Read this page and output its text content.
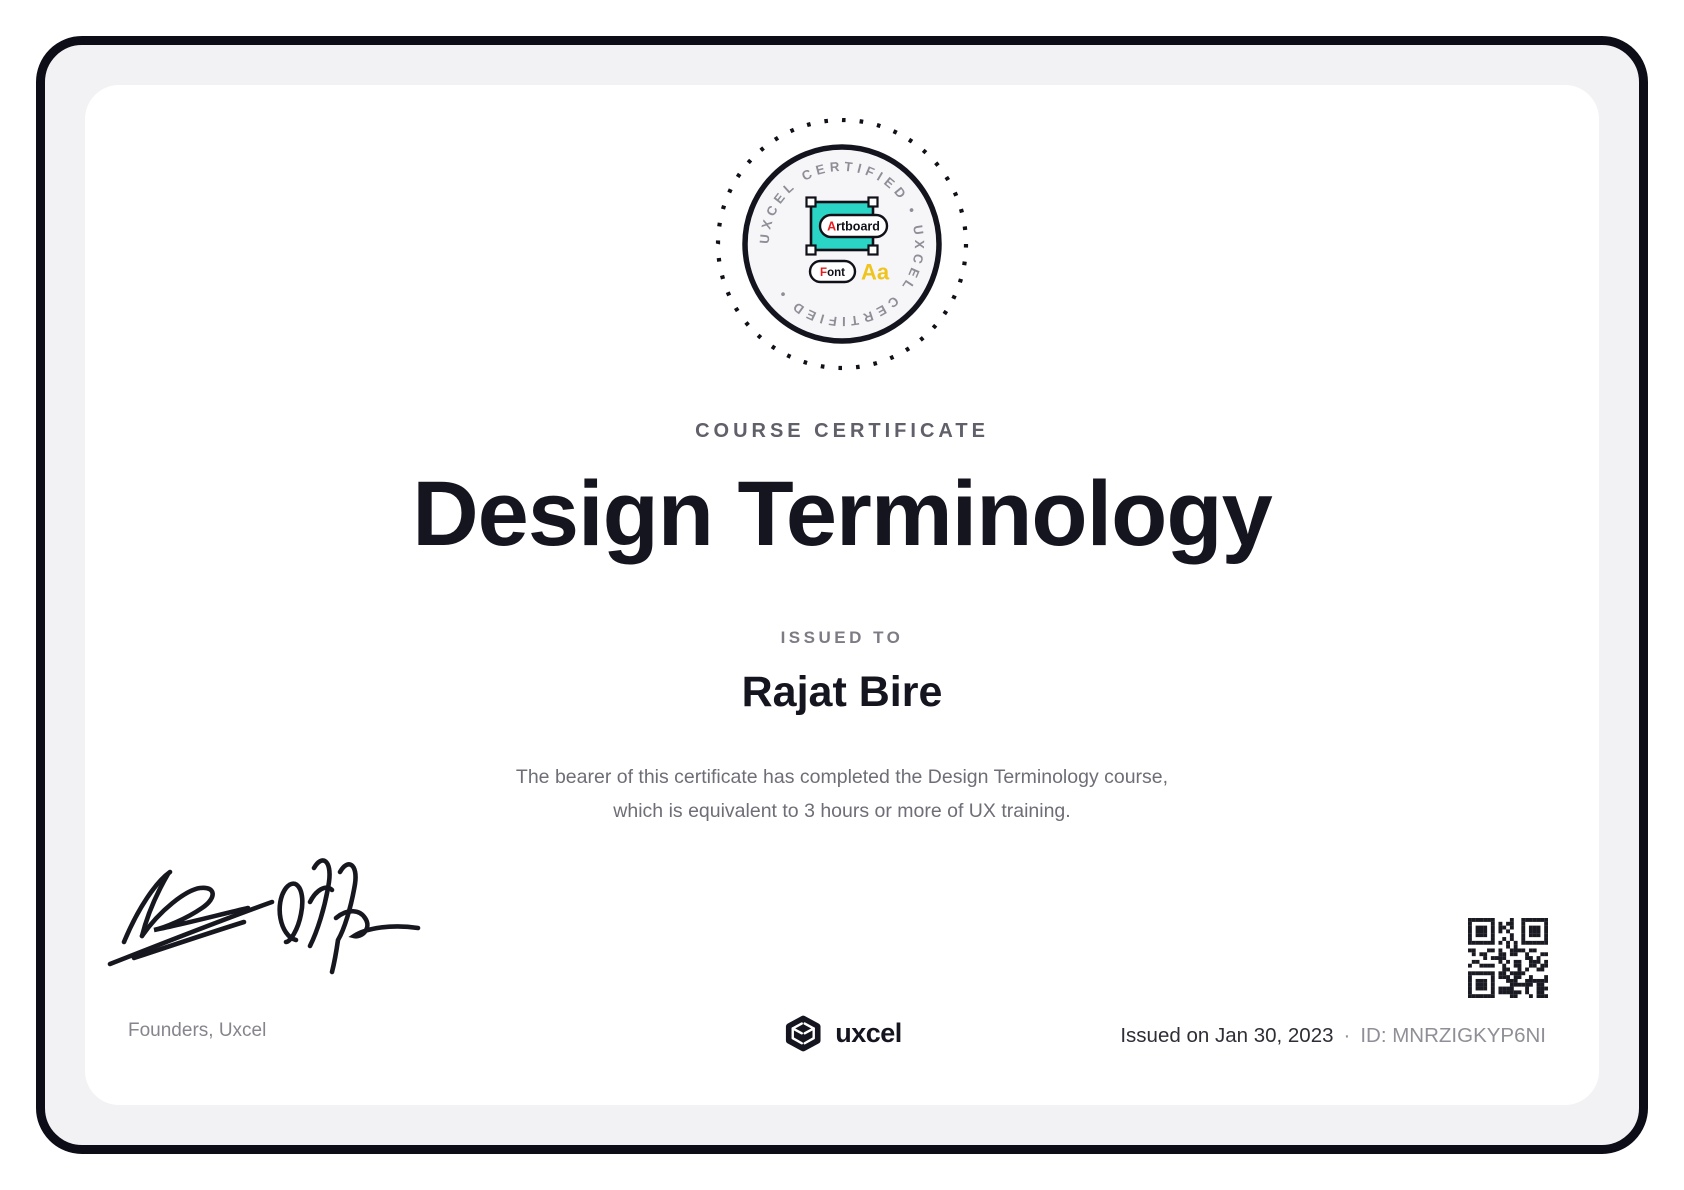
UXCEL CERTIFIED • UXCEL CERTIFIED •
Artboard
Font Aa
COURSE CERTIFICATE
Design Terminology
ISSUED TO
Rajat Bire
The bearer of this certificate has completed the Design Terminology course,
which is equivalent to 3 hours or more of UX training.
Founders, Uxcel	uxcel	Issued on Jan 30, 2023 · ID: MNRZIGKYP6NI
